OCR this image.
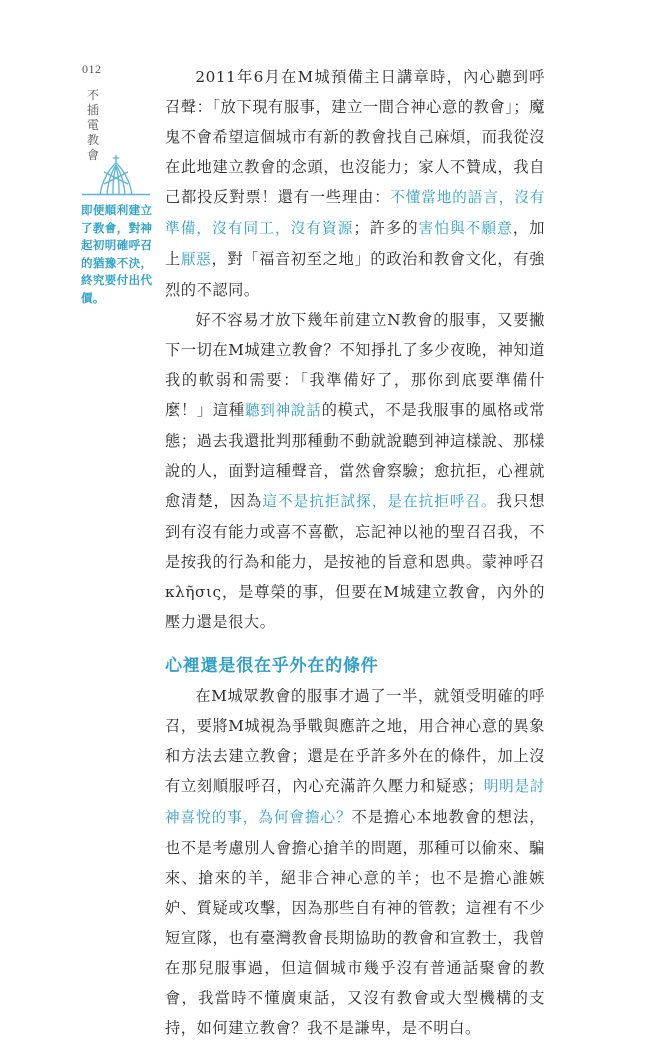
012
不
插
電
教
會
即便順利建立了教會，對神起初明確呼召的猶豫不決，終究要付出代價。

2011年6月在M城預備主日講章時，內心聽到呼召聲：「放下現有服事，建立一間合神心意的教會」；魔鬼不會希望這個城市有新的教會找自己麻煩，而我從沒在此地建立教會的念頭，也沒能力；家人不贊成，我自己都投反對票！還有一些理由：不懂當地的語言，沒有準備，沒有同工，沒有資源；許多的害怕與不願意，加上厭惡，對「福音初至之地」的政治和教會文化，有強烈的不認同。

好不容易才放下幾年前建立N教會的服事，又要撇下一切在M城建立教會？不知掙扎了多少夜晚，神知道我的軟弱和需要：「我準備好了，那你到底要準備什麼！」這種聽到神說話的模式，不是我服事的風格或常態；過去我還批判那種動不動就說聽到神這樣說、那樣說的人，面對這種聲音，當然會察驗；愈抗拒，心裡就愈清楚，因為這不是抗拒試探，是在抗拒呼召。我只想到有沒有能力或喜不喜歡，忘記神以祂的聖召召我，不是按我的行為和能力，是按祂的旨意和恩典。蒙神呼召κλῆσις，是尊榮的事，但要在M城建立教會，內外的壓力還是很大。

心裡還是很在乎外在的條件

在M城眾教會的服事才過了一半，就領受明確的呼召，要將M城視為爭戰與應許之地，用合神心意的異象和方法去建立教會；還是在乎許多外在的條件，加上沒有立刻順服呼召，內心充滿許久壓力和疑惑；明明是討神喜悅的事，為何會擔心？不是擔心本地教會的想法，也不是考慮別人會擔心搶羊的問題，那種可以偷來、騙來、搶來的羊，絕非合神心意的羊；也不是擔心誰嫉妒、質疑或攻擊，因為那些自有神的管教；這裡有不少短宣隊，也有臺灣教會長期協助的教會和宣教士，我曾在那兒服事過，但這個城市幾乎沒有普通話聚會的教會，我當時不懂廣東話，又沒有教會或大型機構的支持，如何建立教會？我不是謙卑，是不明白。
